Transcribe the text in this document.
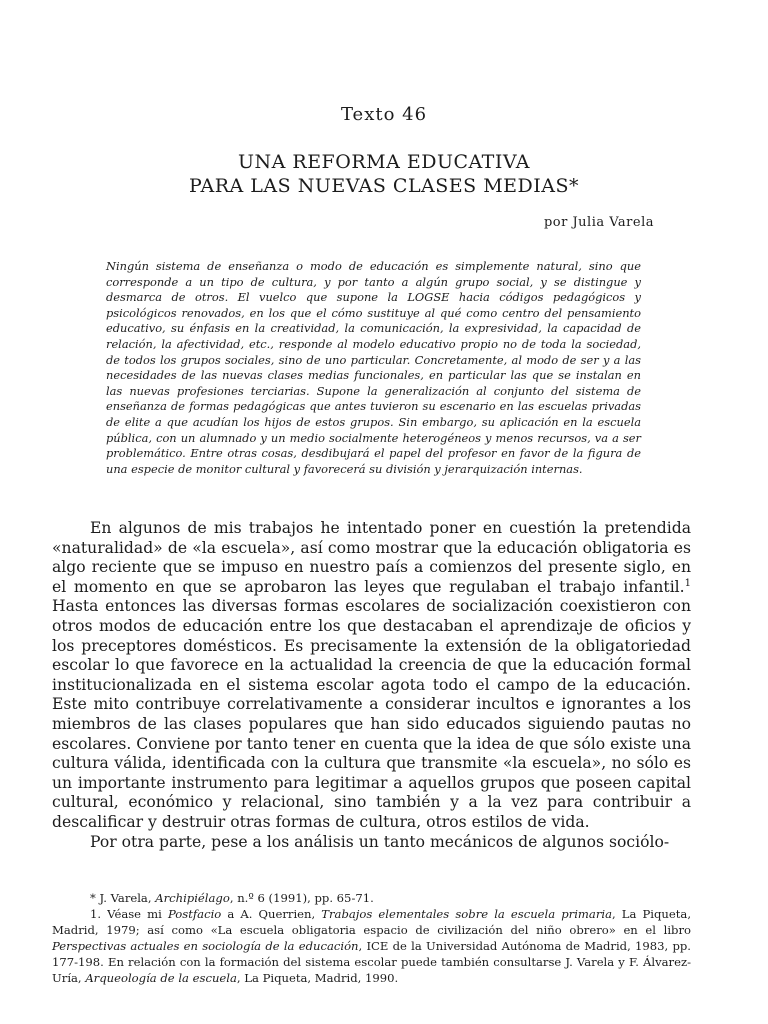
Texto 46
UNA REFORMA EDUCATIVA
PARA LAS NUEVAS CLASES MEDIAS*
por Julia Varela
Ningún sistema de enseñanza o modo de educación es simplemente natural, sino que corresponde a un tipo de cultura, y por tanto a algún grupo social, y se distingue y desmarca de otros. El vuelco que supone la LOGSE hacia códigos pedagógicos y psicológicos renovados, en los que el cómo sustituye al qué como centro del pensamiento educativo, su énfasis en la creatividad, la comunicación, la expresividad, la capacidad de relación, la afectividad, etc., responde al modelo educativo propio no de toda la sociedad, de todos los grupos sociales, sino de uno particular. Concretamente, al modo de ser y a las necesidades de las nuevas clases medias funcionales, en particular las que se instalan en las nuevas profesiones terciarias. Supone la generalización al conjunto del sistema de enseñanza de formas pedagógicas que antes tuvieron su escenario en las escuelas privadas de elite a que acudían los hijos de estos grupos. Sin embargo, su aplicación en la escuela pública, con un alumnado y un medio socialmente heterogéneos y menos recursos, va a ser problemático. Entre otras cosas, desdibujará el papel del profesor en favor de la figura de una especie de monitor cultural y favorecerá su división y jerarquización internas.

En algunos de mis trabajos he intentado poner en cuestión la pretendida «naturalidad» de «la escuela», así como mostrar que la educación obligatoria es algo reciente que se impuso en nuestro país a comienzos del presente siglo, en el momento en que se aprobaron las leyes que regulaban el trabajo infantil.$^1$ Hasta entonces las diversas formas escolares de socialización coexistieron con otros modos de educación entre los que destacaban el aprendizaje de oficios y los preceptores domésticos. Es precisamente la extensión de la obligatoriedad escolar lo que favorece en la actualidad la creencia de que la educación formal institucionalizada en el sistema escolar agota todo el campo de la educación. Este mito contribuye correlativamente a considerar incultos e ignorantes a los miembros de las clases populares que han sido educados siguiendo pautas no escolares. Conviene por tanto tener en cuenta que la idea de que sólo existe una cultura válida, identificada con la cultura que transmite «la escuela», no sólo es un importante instrumento para legitimar a aquellos grupos que poseen capital cultural, económico y relacional, sino también y a la vez para contribuir a descalificar y destruir otras formas de cultura, otros estilos de vida.

Por otra parte, pese a los análisis un tanto mecánicos de algunos sociólo-

* J. Varela, Archipiélago, n.º 6 (1991), pp. 65-71.

1. Véase mi Postfacio a A. Querrien, Trabajos elementales sobre la escuela primaria, La Piqueta, Madrid, 1979; así como «La escuela obligatoria espacio de civilización del niño obrero» en el libro Perspectivas actuales en sociología de la educación, ICE de la Universidad Autónoma de Madrid, 1983, pp. 177-198. En relación con la formación del sistema escolar puede también consultarse J. Varela y F. Álvarez-Uría, Arqueología de la escuela, La Piqueta, Madrid, 1990.
